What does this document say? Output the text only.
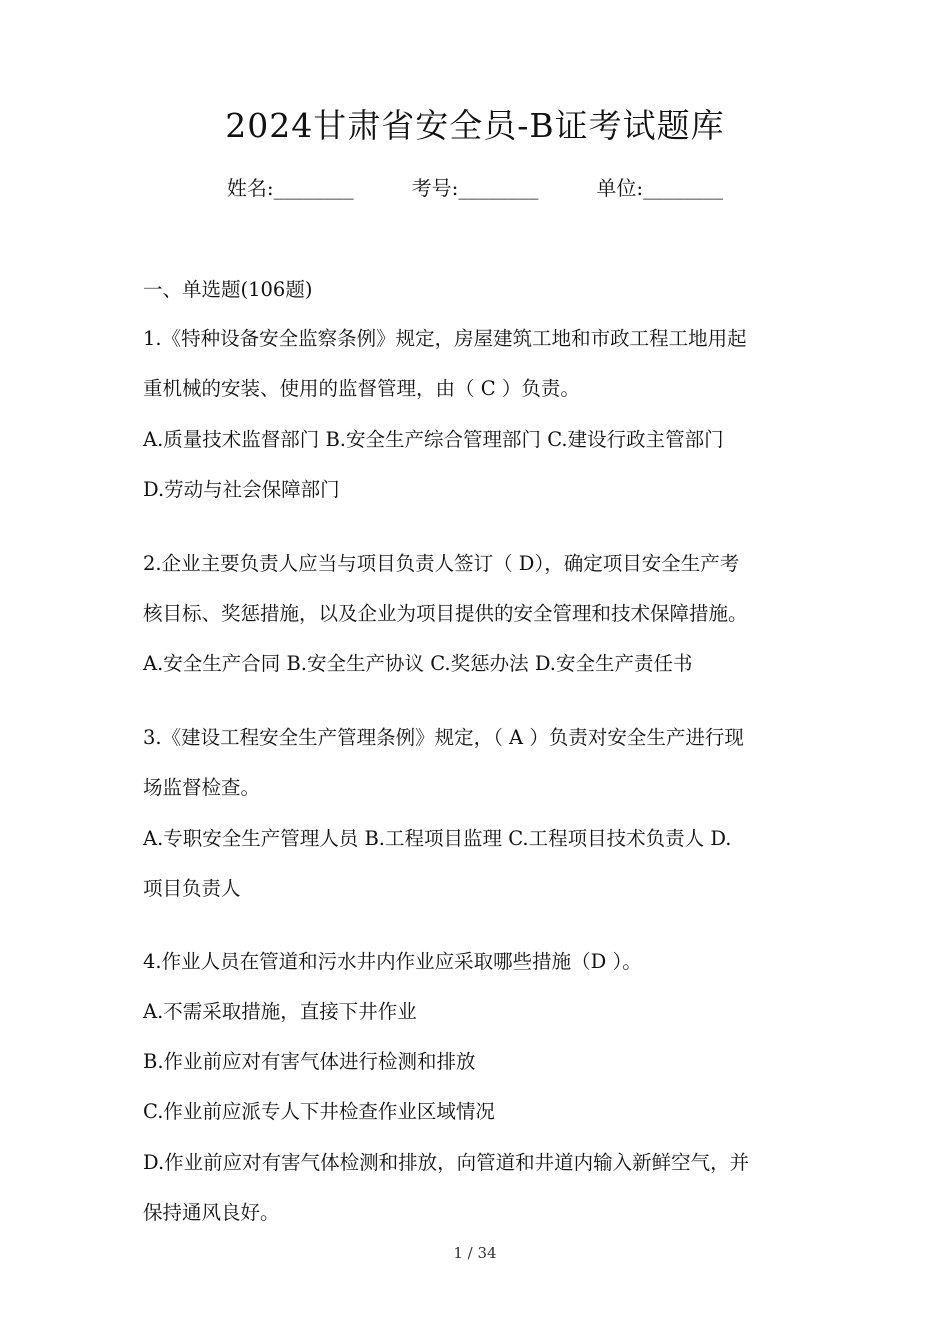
2024甘肃省安全员-B证考试题库
姓名:________	考号:________	单位:________
一、单选题(106题)
1.《特种设备安全监察条例》规定，房屋建筑工地和市政工程工地用起
重机械的安装、使用的监督管理，由（ C ）负责。
A.质量技术监督部门 B.安全生产综合管理部门 C.建设行政主管部门
D.劳动与社会保障部门
2.企业主要负责人应当与项目负责人签订（ D），确定项目安全生产考
核目标、奖惩措施，以及企业为项目提供的安全管理和技术保障措施。
A.安全生产合同 B.安全生产协议 C.奖惩办法 D.安全生产责任书
3.《建设工程安全生产管理条例》规定，（ A ）负责对安全生产进行现
场监督检查。
A.专职安全生产管理人员 B.工程项目监理 C.工程项目技术负责人 D.
项目负责人
4.作业人员在管道和污水井内作业应采取哪些措施（D ）。
A.不需采取措施，直接下井作业
B.作业前应对有害气体进行检测和排放
C.作业前应派专人下井检查作业区域情况
D.作业前应对有害气体检测和排放，向管道和井道内输入新鲜空气，并
保持通风良好。
1 / 34
